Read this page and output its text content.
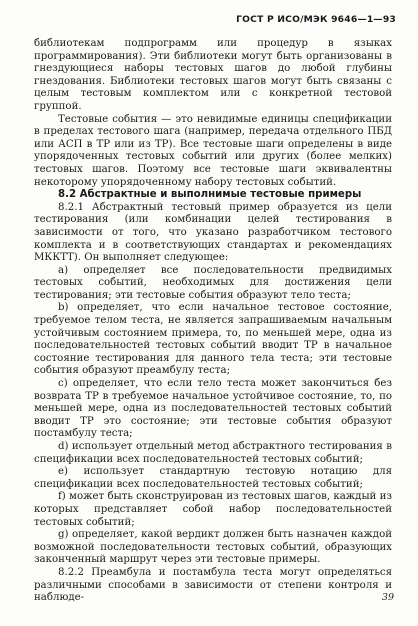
ГОСТ Р ИСО/МЭК 9646—1—93

библиотекам подпрограмм или процедур в языках программирования). Эти библиотеки могут быть организованы в гнездующиеся наборы тестовых шагов до любой глубины гнездования. Библиотеки тестовых шагов могут быть связаны с целым тестовым комплектом или с конкретной тестовой группой.

Тестовые события — это невидимые единицы спецификации в пределах тестового шага (например, передача отдельного ПБД или АСП в ТР или из ТР). Все тестовые шаги определены в виде упорядоченных тестовых событий или других (более мелких) тестовых шагов. Поэтому все тестовые шаги эквивалентны некоторому упорядоченному набору тестовых событий.

8.2 Абстрактные и выполнимые тестовые примеры

8.2.1 Абстрактный тестовый пример образуется из цели тестирования (или комбинации целей тестирования в зависимости от того, что указано разработчиком тестового комплекта и в соответствующих стандартах и рекомендациях МККТТ). Он выполняет следующее:

а) определяет все последовательности предвидимых тестовых событий, необходимых для достижения цели тестирования; эти тестовые события образуют тело теста;

b) определяет, что если начальное тестовое состояние, требуемое телом теста, не является запрашиваемым начальным устойчивым состоянием примера, то, по меньшей мере, одна из последовательностей тестовых событий вводит ТР в начальное состояние тестирования для данного тела теста; эти тестовые события образуют преамбулу теста;

c) определяет, что если тело теста может закончиться без возврата ТР в требуемое начальное устойчивое состояние, то, по меньшей мере, одна из последовательностей тестовых событий вводит ТР это состояние; эти тестовые события образуют постамбулу теста;

d) использует отдельный метод абстрактного тестирования в спецификации всех последовательностей тестовых событий;

e) использует стандартную тестовую нотацию для спецификации всех последовательностей тестовых событий;

f) может быть сконструирован из тестовых шагов, каждый из которых представляет собой набор последовательностей тестовых событий;

g) определяет, какой вердикт должен быть назначен каждой возможной последовательности тестовых событий, образующих законченный маршрут через эти тестовые примеры.

8.2.2 Преамбула и постамбула теста могут определяться различными способами в зависимости от степени контроля и наблюде-	39
